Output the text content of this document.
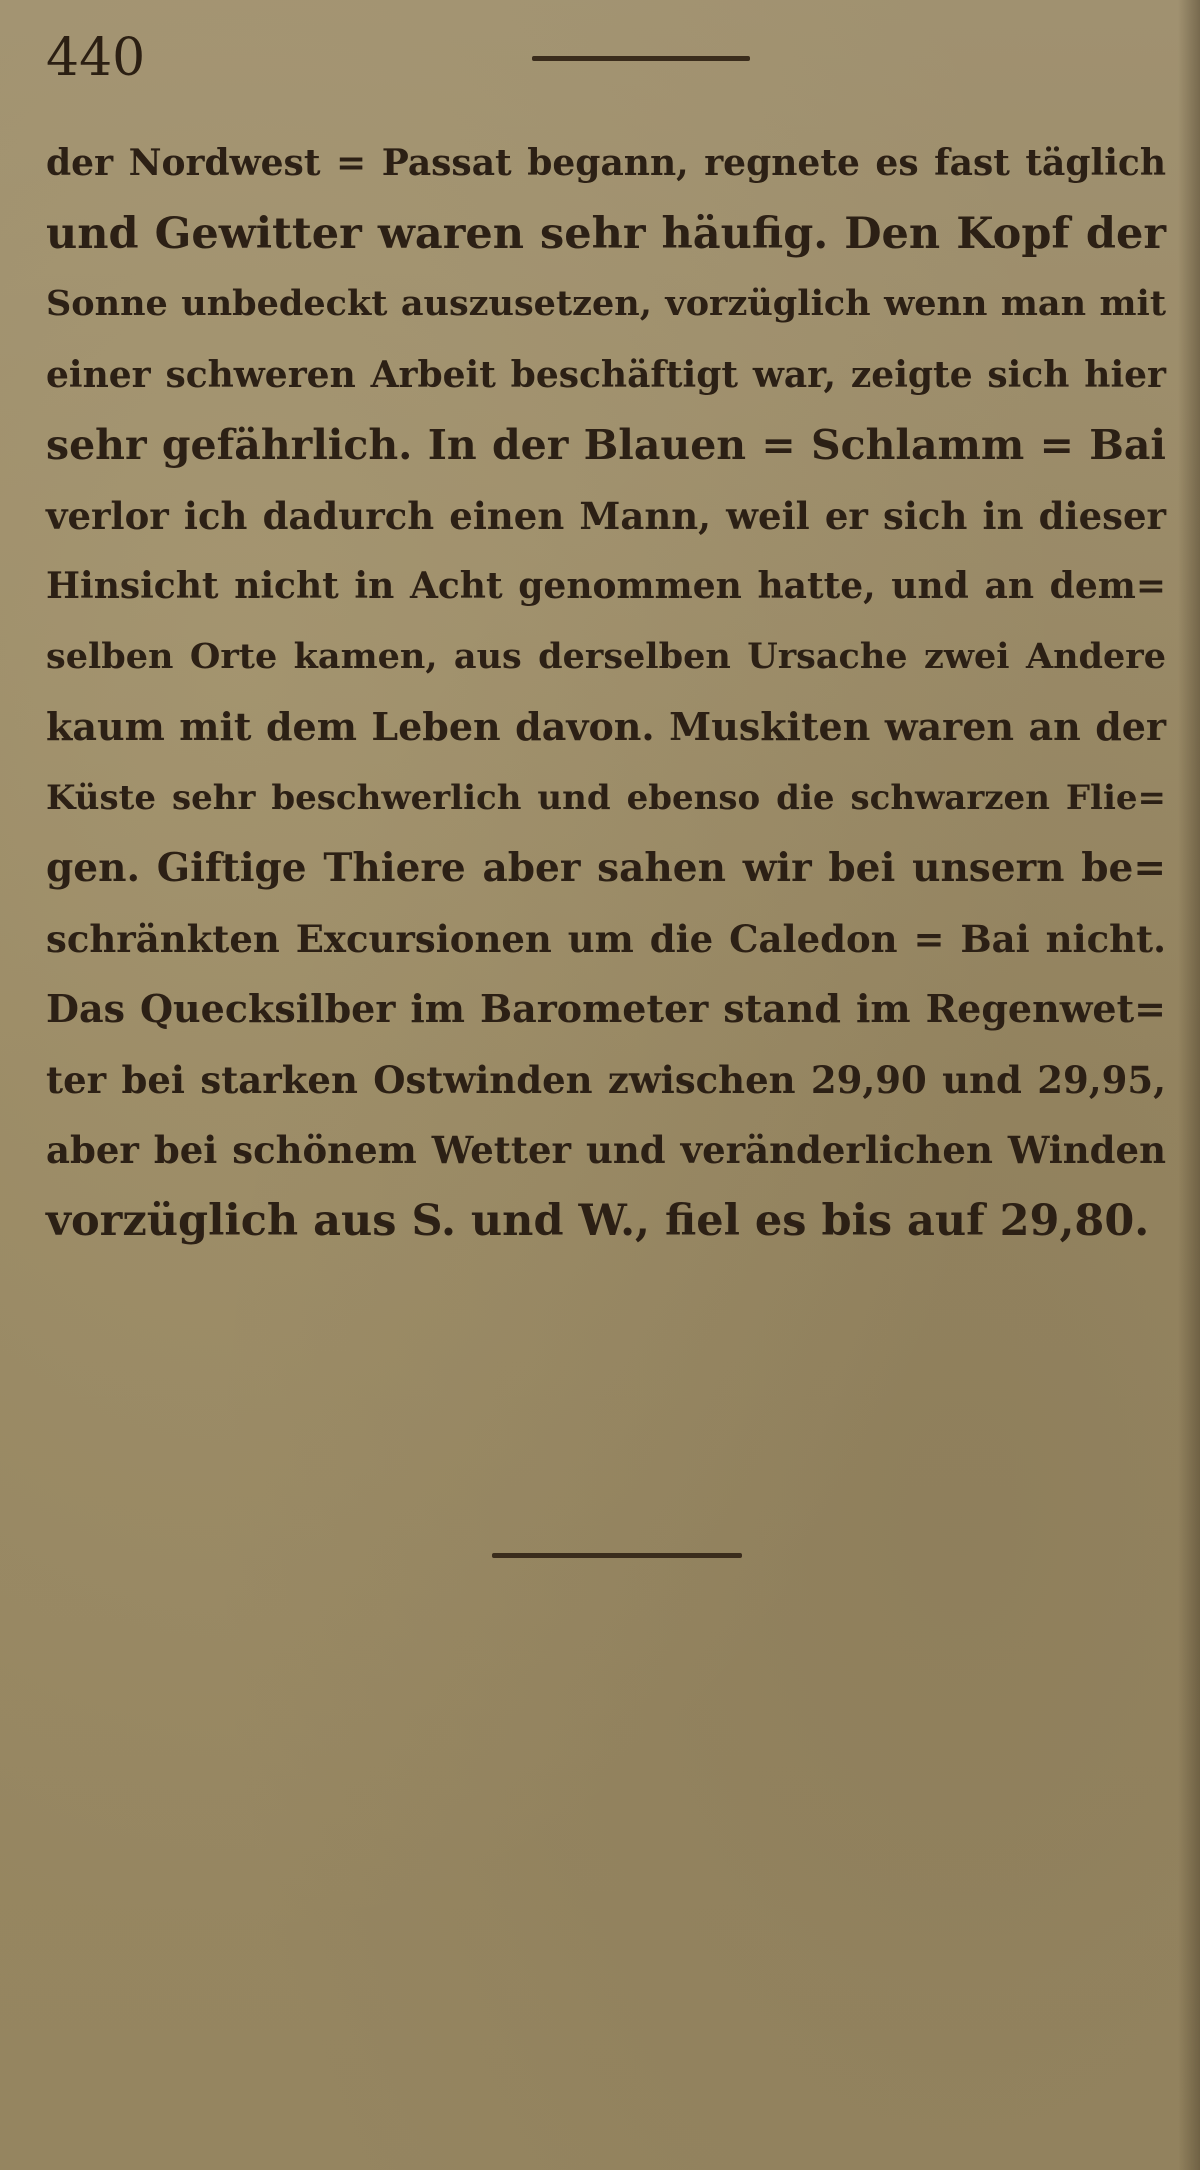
440
der Nordwest = Passat begann, regnete es fast täglich
und Gewitter waren sehr häufig. Den Kopf der
Sonne unbedeckt auszusetzen, vorzüglich wenn man mit
einer schweren Arbeit beschäftigt war, zeigte sich hier
sehr gefährlich. In der Blauen = Schlamm = Bai
verlor ich dadurch einen Mann, weil er sich in dieser
Hinsicht nicht in Acht genommen hatte, und an dem=
selben Orte kamen, aus derselben Ursache zwei Andere
kaum mit dem Leben davon. Muskiten waren an der
Küste sehr beschwerlich und ebenso die schwarzen Flie=
gen. Giftige Thiere aber sahen wir bei unsern be=
schränkten Excursionen um die Caledon = Bai nicht.
Das Quecksilber im Barometer stand im Regenwet=
ter bei starken Ostwinden zwischen 29,90 und 29,95,
aber bei schönem Wetter und veränderlichen Winden
vorzüglich aus S. und W., fiel es bis auf 29,80.
